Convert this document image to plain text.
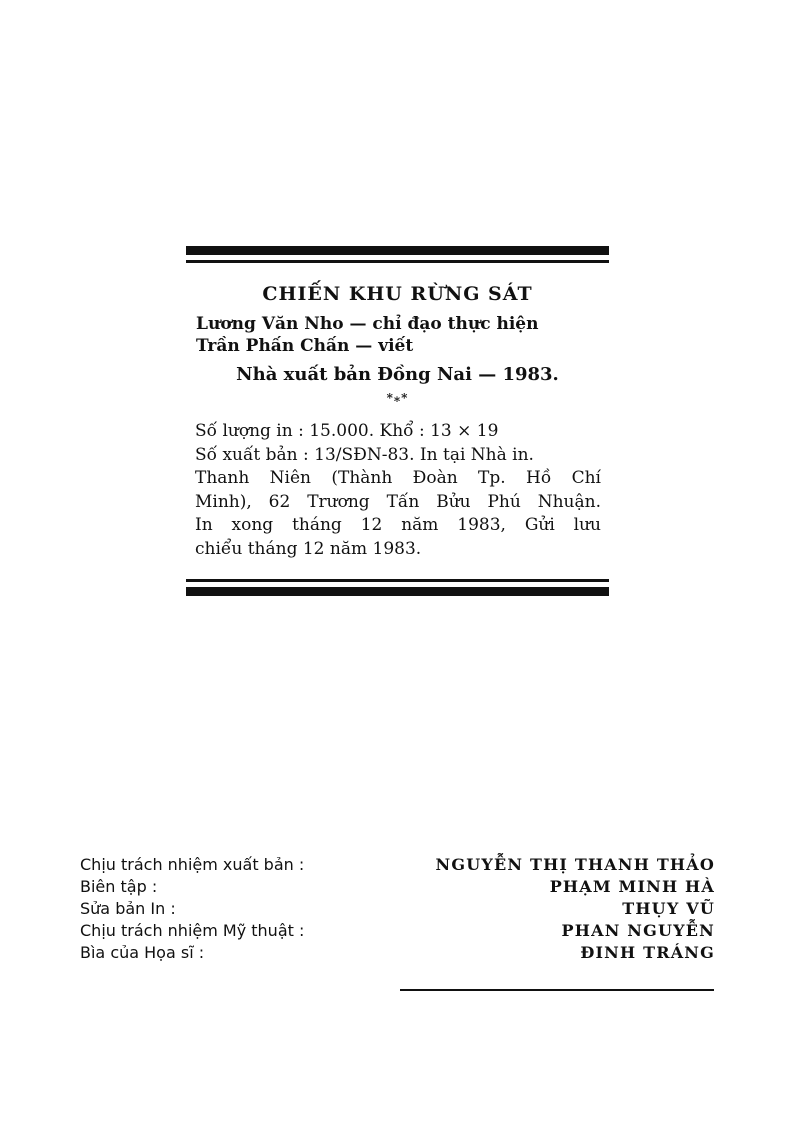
CHIẾN KHU RỪNG SÁT
Lương Văn Nho — chỉ đạo thực hiện
Trần Phấn Chấn — viết
Nhà xuất bản Đồng Nai — 1983.
*⁎*
Số lượng in : 15.000. Khổ : 13 × 19
Số xuất bản : 13/SĐN-83. In tại Nhà in.
Thanh Niên (Thành Đoàn Tp. Hồ Chí
Minh), 62 Trương Tấn Bửu Phú Nhuận.
In xong tháng 12 năm 1983, Gửi lưu
chiểu tháng 12 năm 1983.
Chịu trách nhiệm xuất bản :	NGUYỄN THỊ THANH THẢO
Biên tập :	PHẠM MINH HÀ
Sửa bản In :	THỤY VŨ
Chịu trách nhiệm Mỹ thuật :	PHAN NGUYỄN
Bìa của Họa sĩ :	ĐINH TRÁNG
